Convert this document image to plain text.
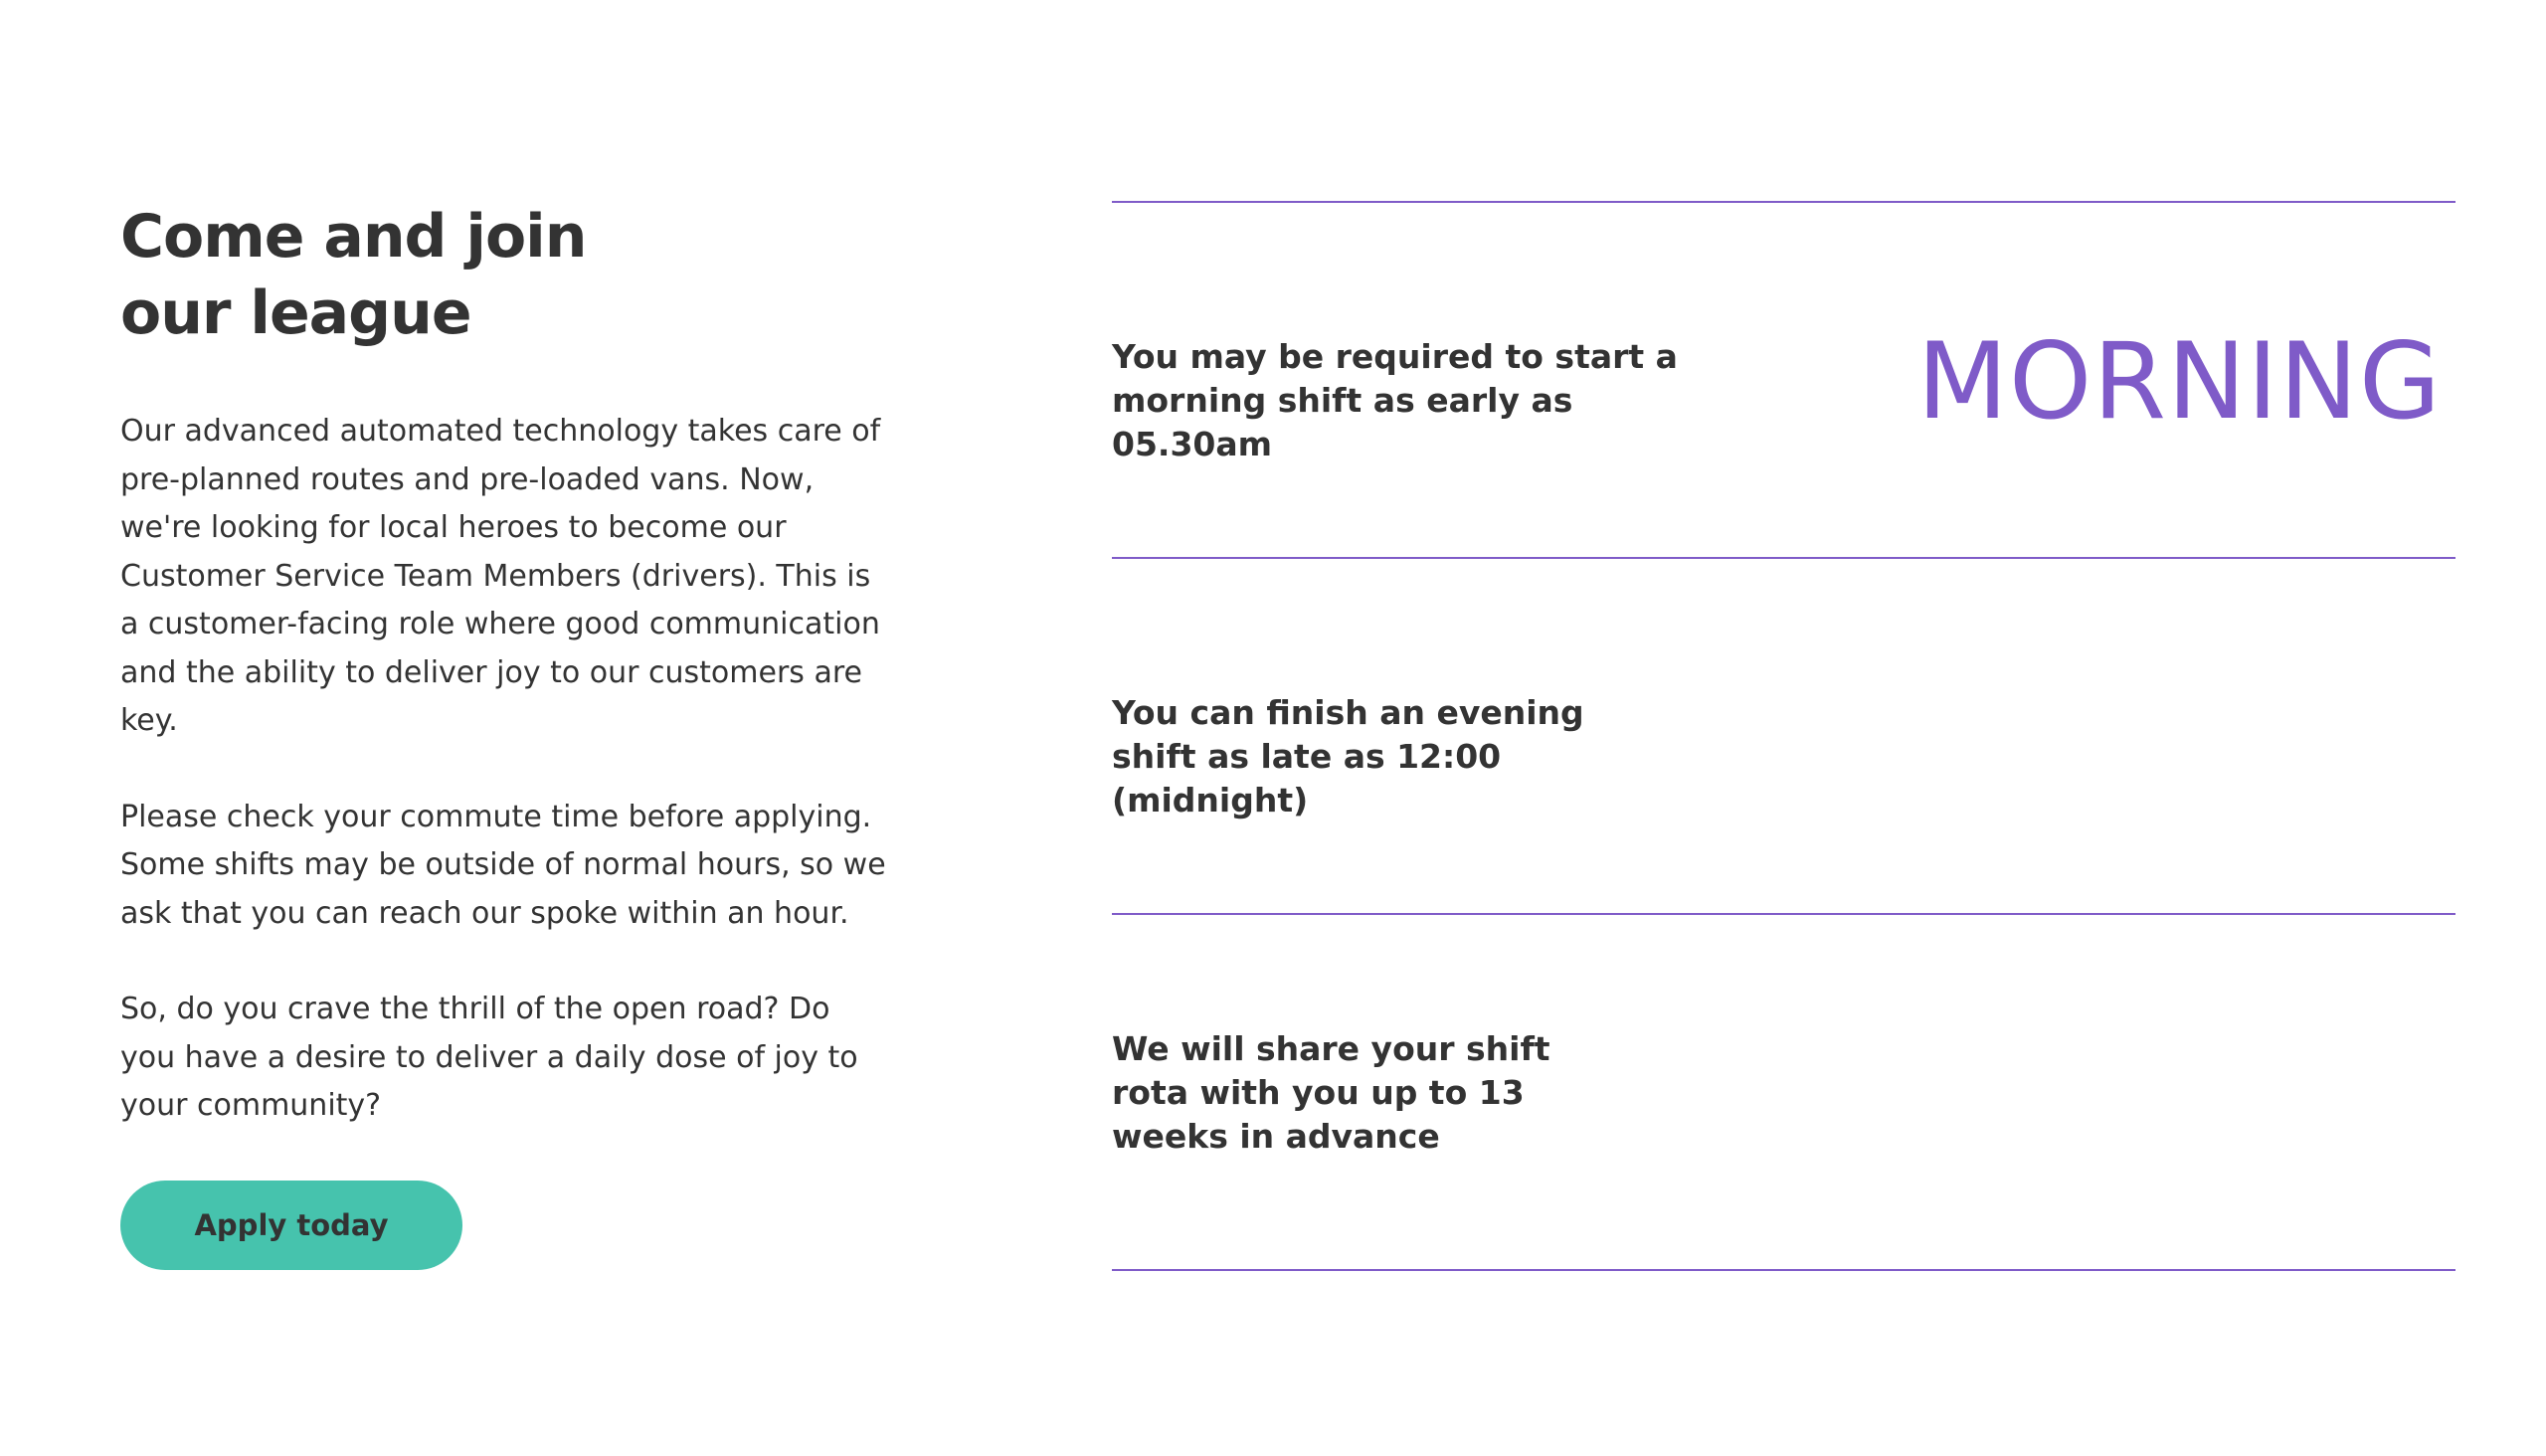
Come and join
our league

Our advanced automated technology takes care of pre-planned routes and pre-loaded vans. Now, we're looking for local heroes to become our Customer Service Team Members (drivers). This is a customer-facing role where good communication and the ability to deliver joy to our customers are key.

Please check your commute time before applying. Some shifts may be outside of normal hours, so we ask that you can reach our spoke within an hour.

So, do you crave the thrill of the open road? Do you have a desire to deliver a daily dose of joy to your community?

Apply today
You may be required to start a morning shift as early as 05.30am
MORNING
You can finish an evening shift as late as 12:00 (midnight)
We will share your shift rota with you up to 13 weeks in advance
